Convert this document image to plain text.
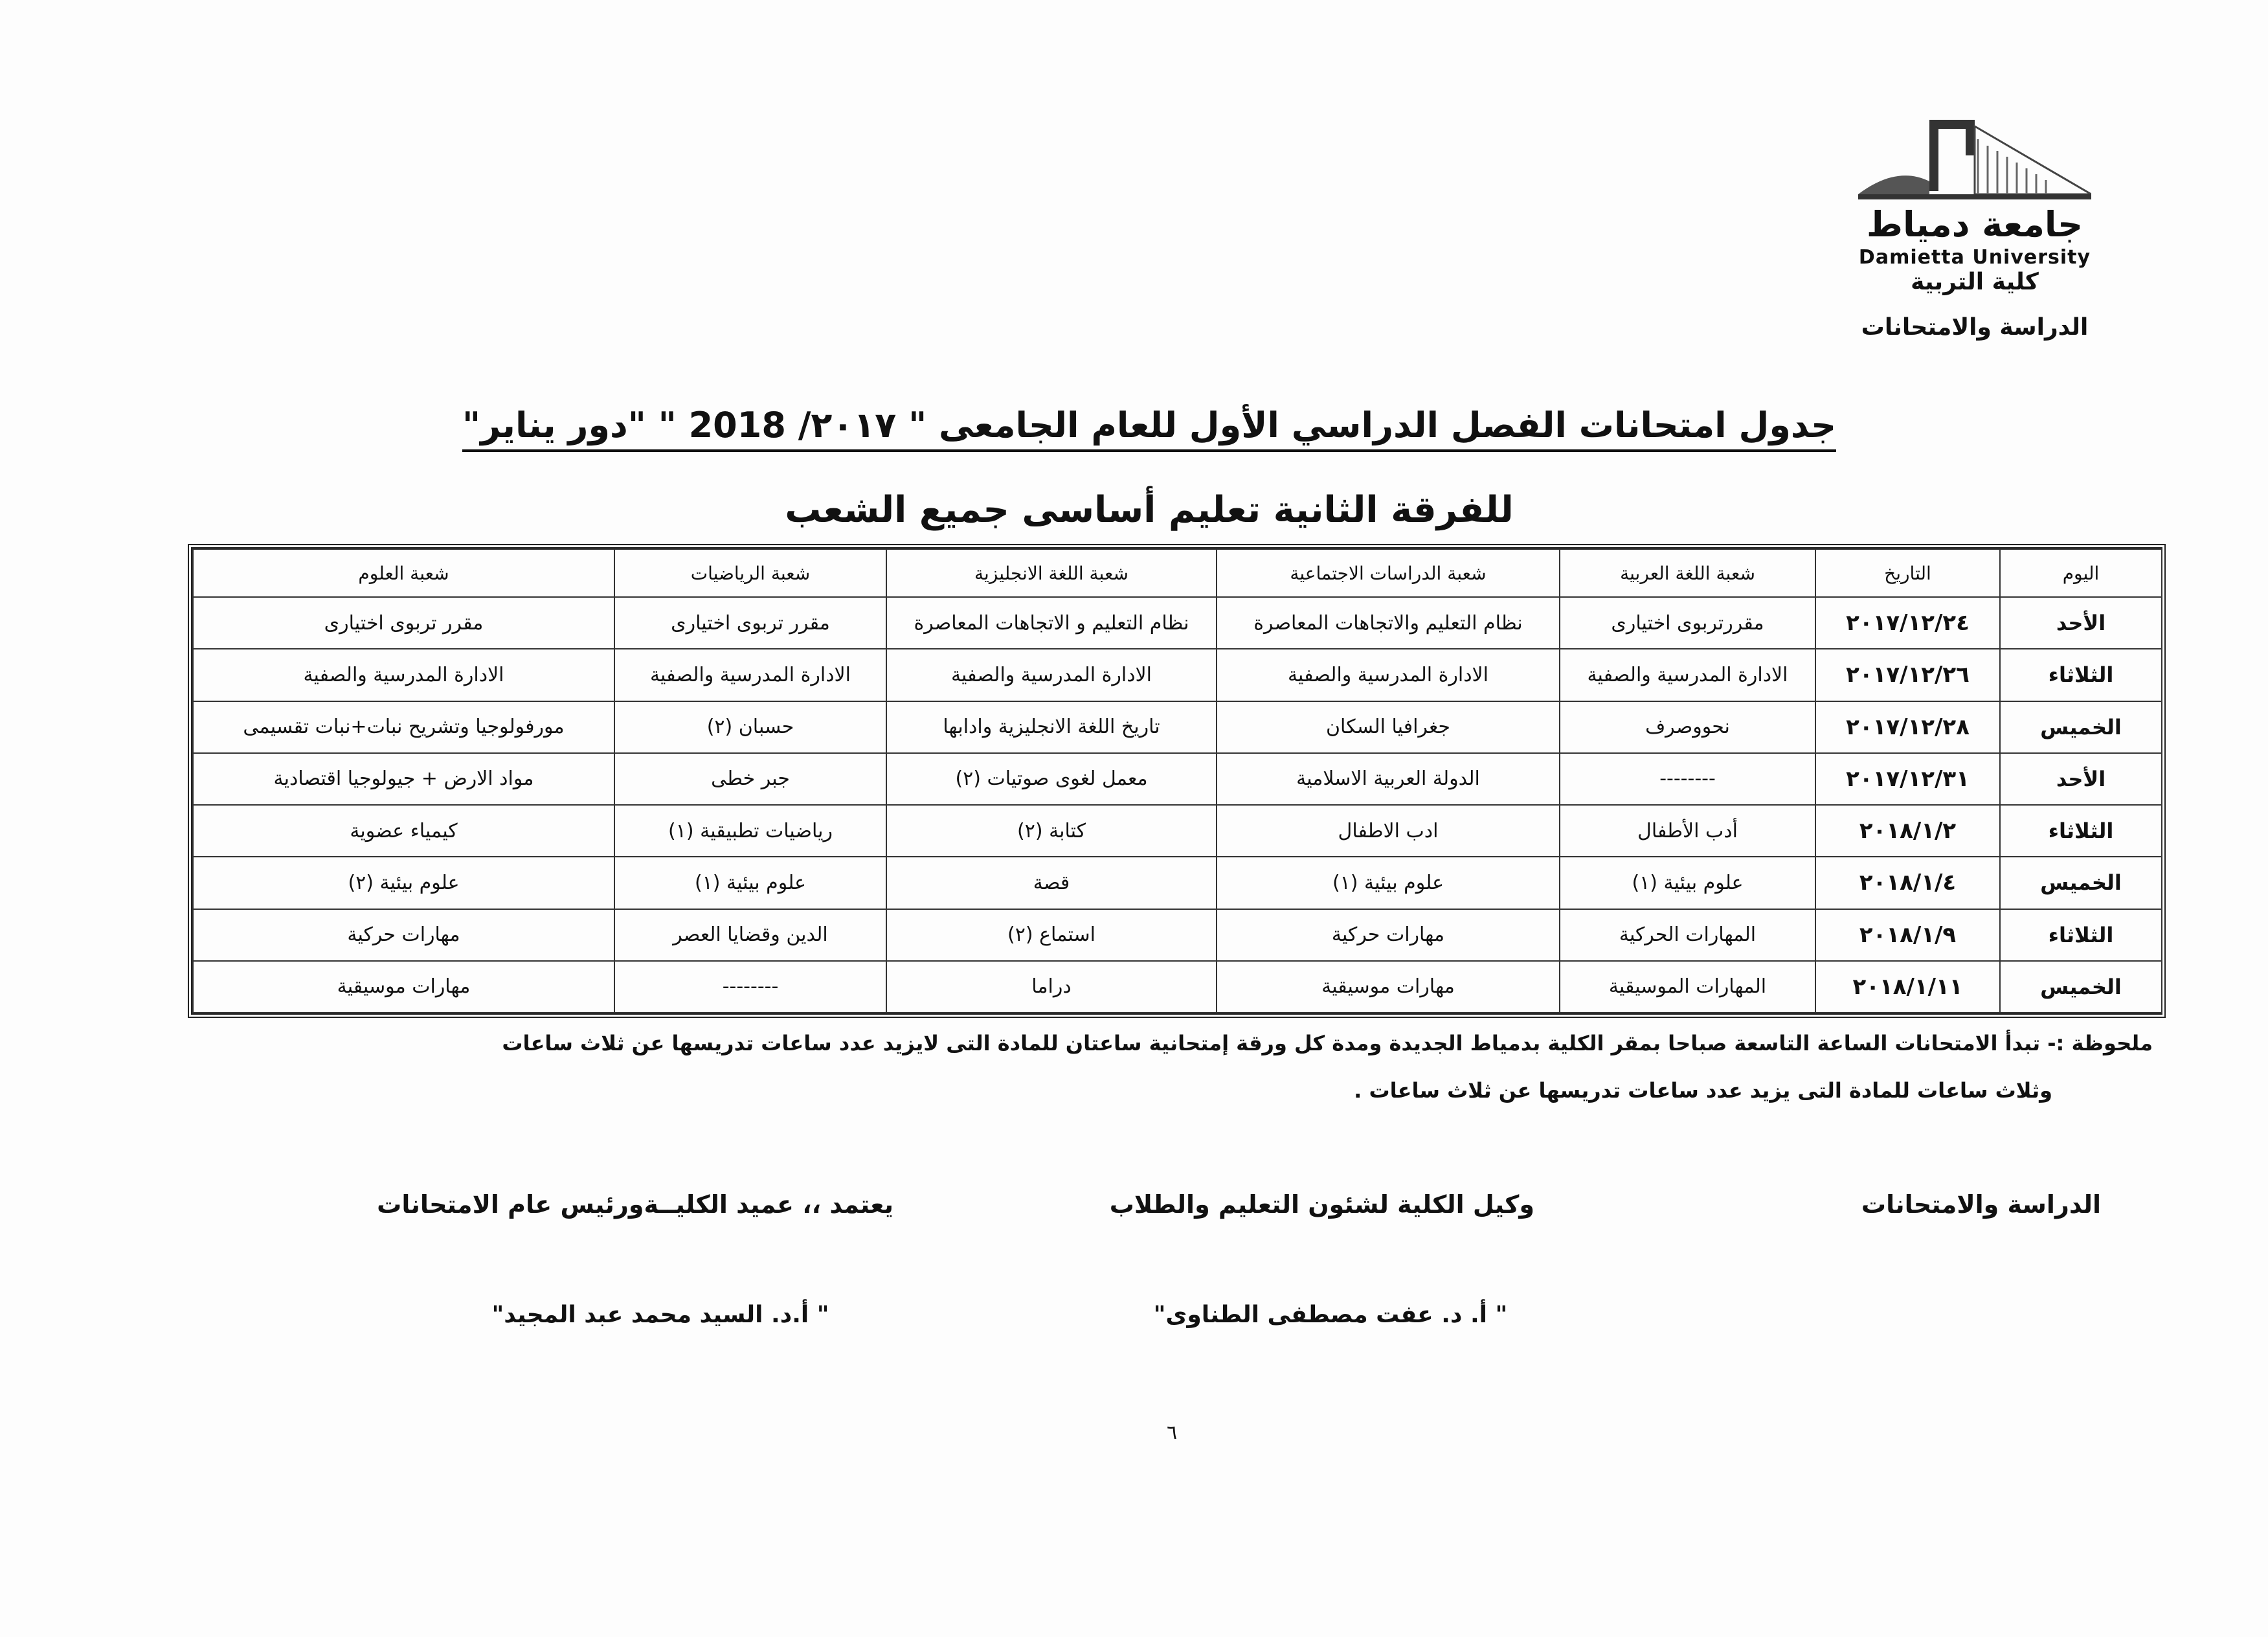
جامعة دمياط
Damietta University
كلية التربية
الدراسة والامتحانات
جدول امتحانات الفصل الدراسي الأول للعام الجامعى " ٢٠١٧/ 2018 " "دور يناير"
للفرقة الثانية تعليم أساسى جميع الشعب
اليوم	التاريخ	شعبة اللغة العربية	شعبة الدراسات الاجتماعية	شعبة اللغة الانجليزية	شعبة الرياضيات	شعبة العلوم
الأحد	٢٠١٧/١٢/٢٤	مقررتربوى اختيارى	نظام التعليم والاتجاهات المعاصرة	نظام التعليم و الاتجاهات المعاصرة	مقرر تربوى اختيارى	مقرر تربوى اختيارى
الثلاثاء	٢٠١٧/١٢/٢٦	الادارة المدرسية والصفية	الادارة المدرسية والصفية	الادارة المدرسية والصفية	الادارة المدرسية والصفية	الادارة المدرسية والصفية
الخميس	٢٠١٧/١٢/٢٨	نحووصرف	جغرافيا السكان	تاريخ اللغة الانجليزية وادابها	حسبان (٢)	مورفولوجيا وتشريح نبات+نبات تقسيمى
الأحد	٢٠١٧/١٢/٣١	--------	الدولة العربية الاسلامية	معمل لغوى صوتيات (٢)	جبر خطى	مواد الارض + جيولوجيا اقتصادية
الثلاثاء	٢٠١٨/١/٢	أدب الأطفال	ادب الاطفال	كتابة (٢)	رياضيات تطبيقية (١)	كيمياء عضوية
الخميس	٢٠١٨/١/٤	علوم بيئية (١)	علوم بيئية (١)	قصة	علوم بيئية (١)	علوم بيئية (٢)
الثلاثاء	٢٠١٨/١/٩	المهارات الحركية	مهارات حركية	استماع (٢)	الدين وقضايا العصر	مهارات حركية
الخميس	٢٠١٨/١/١١	المهارات الموسيقية	مهارات موسيقية	دراما	--------	مهارات موسيقية
ملحوظة :- تبدأ الامتحانات الساعة التاسعة صباحا بمقر الكلية بدمياط الجديدة ومدة كل ورقة إمتحانية ساعتان للمادة التى لايزيد عدد ساعات تدريسها عن ثلاث ساعات
وثلاث ساعات للمادة التى يزيد عدد ساعات تدريسها عن ثلاث ساعات .
الدراسة والامتحانات
وكيل الكلية لشئون التعليم والطلاب
يعتمد ،، عميد الكليــةورئيس عام الامتحانات
" أ. د. عفت مصطفى الطناوى"
" أ.د. السيد محمد عبد المجيد"
٦
